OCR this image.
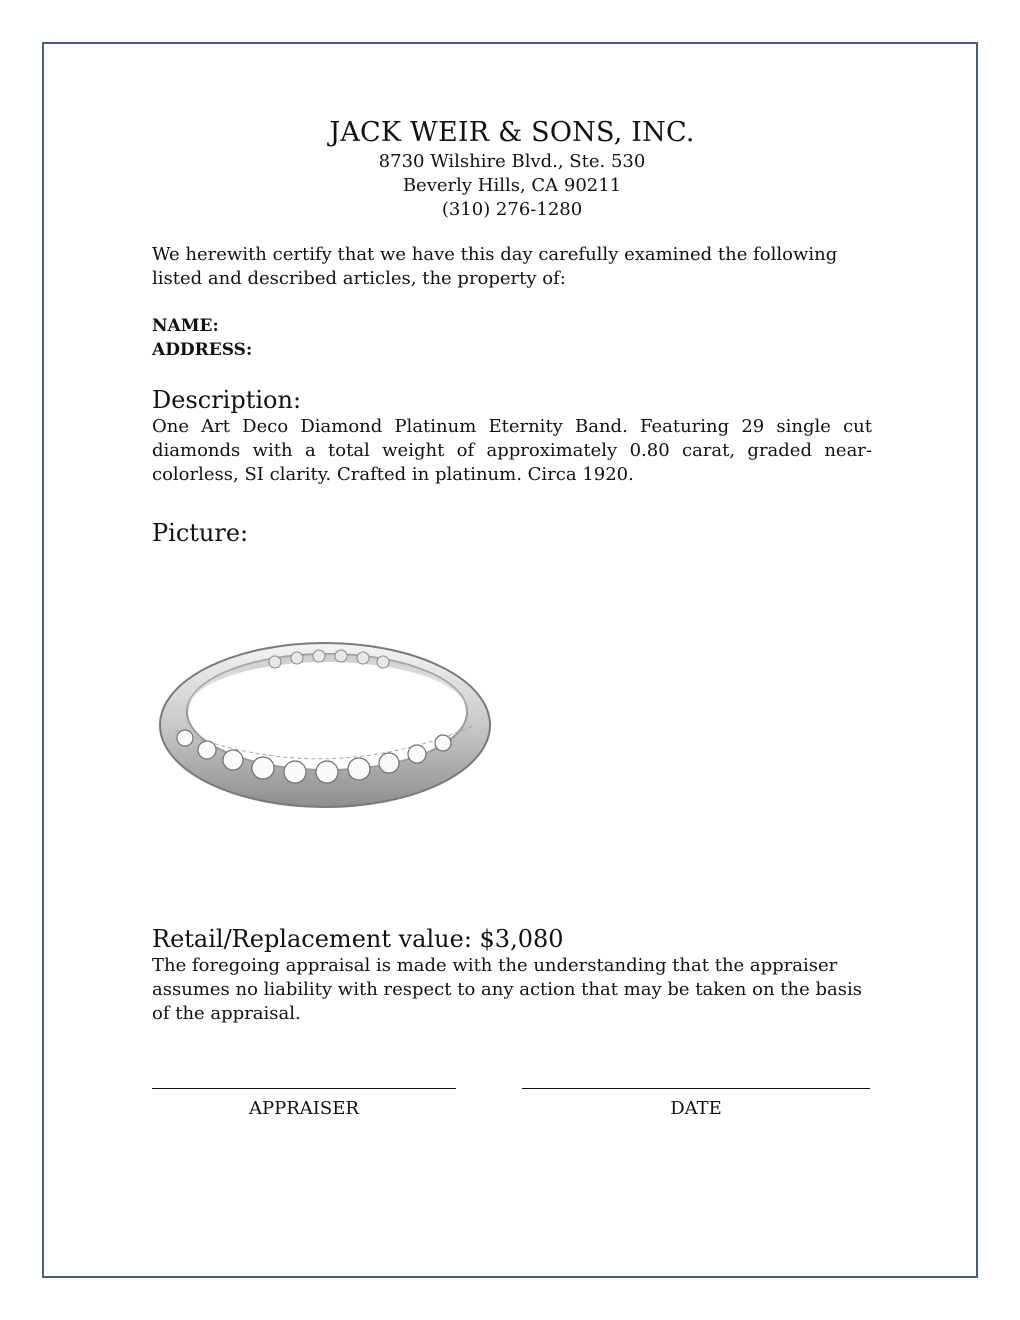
JACK WEIR & SONS, INC.
8730 Wilshire Blvd., Ste. 530
Beverly Hills, CA 90211
(310) 276-1280
We herewith certify that we have this day carefully examined the following listed and described articles, the property of:
NAME:
ADDRESS:
Description:
One Art Deco Diamond Platinum Eternity Band. Featuring 29 single cut diamonds with a total weight of approximately 0.80 carat, graded near-colorless, SI clarity. Crafted in platinum. Circa 1920.
Picture:
Retail/Replacement value: $3,080
The foregoing appraisal is made with the understanding that the appraiser assumes no liability with respect to any action that may be taken on the basis of the appraisal.
APPRAISER	DATE
